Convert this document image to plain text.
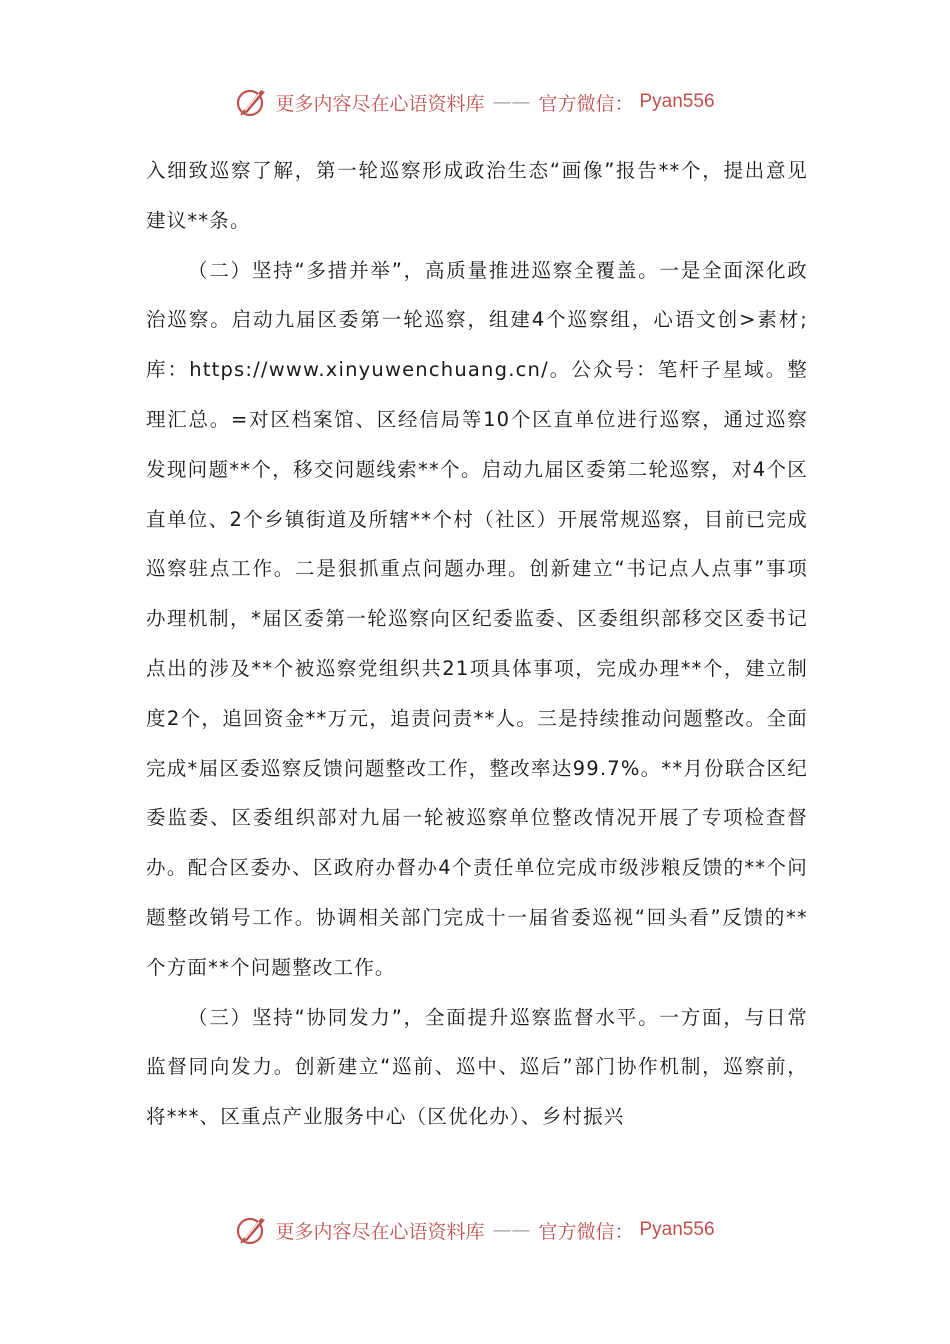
更多内容尽在心语资料库 —— 官方微信： Pyan556

入细致巡察了解，第一轮巡察形成政治生态“画像”报告**个，提出意见建议**条。

（二）坚持“多措并举”，高质量推进巡察全覆盖。一是全面深化政治巡察。启动九届区委第一轮巡察，组建4个巡察组，心语文创>素材;库：https://www.xinyuwenchuang.cn/。公众号：笔杆子星域。整理汇总。=对区档案馆、区经信局等10个区直单位进行巡察，通过巡察发现问题**个，移交问题线索**个。启动九届区委第二轮巡察，对4个区直单位、2个乡镇街道及所辖**个村（社区）开展常规巡察，目前已完成巡察驻点工作。二是狠抓重点问题办理。创新建立“书记点人点事”事项办理机制，*届区委第一轮巡察向区纪委监委、区委组织部移交区委书记点出的涉及**个被巡察党组织共21项具体事项，完成办理**个，建立制度2个，追回资金**万元，追责问责**人。三是持续推动问题整改。全面完成*届区委巡察反馈问题整改工作，整改率达99.7%。**月份联合区纪委监委、区委组织部对九届一轮被巡察单位整改情况开展了专项检查督办。配合区委办、区政府办督办4个责任单位完成市级涉粮反馈的**个问题整改销号工作。协调相关部门完成十一届省委巡视“回头看”反馈的**个方面**个问题整改工作。

（三）坚持“协同发力”，全面提升巡察监督水平。一方面，与日常监督同向发力。创新建立“巡前、巡中、巡后”部门协作机制，巡察前，将***、区重点产业服务中心（区优化办）、乡村振兴

更多内容尽在心语资料库 —— 官方微信： Pyan556
